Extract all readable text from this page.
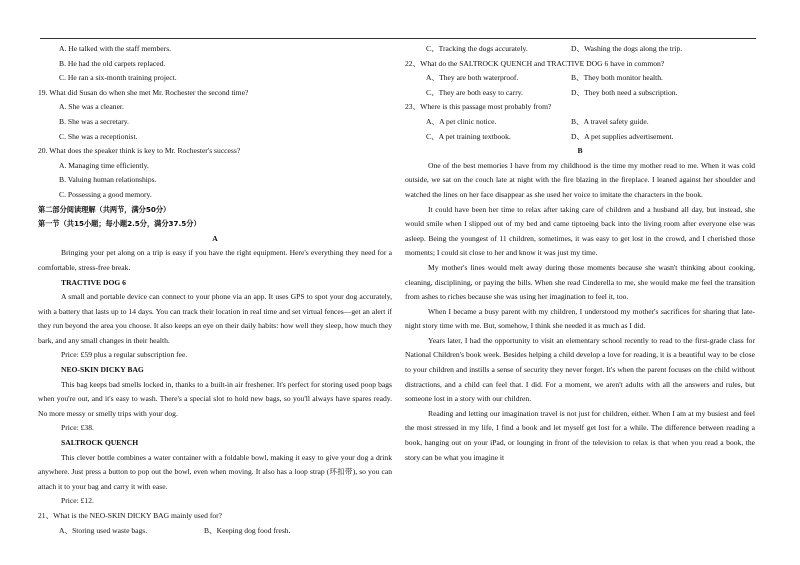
A. He talked with the staff members.
B. He had the old carpets replaced.
C. He ran a six-month training project.
19. What did Susan do when she met Mr. Rochester the second time?
A. She was a cleaner.
B. She was a secretary.
C. She was a receptionist.
20. What does the speaker think is key to Mr. Rochester's success?
A. Managing time efficiently.
B. Valuing human relationships.
C. Possessing a good memory.
第二部分阅读理解（共两节，满分50分）
第一节（共15小题；每小题2.5分，满分37.5分）
A

Bringing your pet along on a trip is easy if you have the right equipment. Here's everything they need for a comfortable, stress-free break.

TRACTIVE DOG 6

A small and portable device can connect to your phone via an app. It uses GPS to spot your dog accurately, with a battery that lasts up to 14 days. You can track their location in real time and set virtual fences—get an alert if they run beyond the area you choose. It also keeps an eye on their daily habits: how well they sleep, how much they bark, and any small changes in their health.

Price: £59 plus a regular subscription fee.
NEO-SKIN DICKY BAG

This bag keeps bad smells locked in, thanks to a built-in air freshener. It's perfect for storing used poop bags when you're out, and it's easy to wash. There's a special slot to hold new bags, so you'll always have spares ready. No more messy or smelly trips with your dog.

Price: £38.
SALTROCK QUENCH

This clever bottle combines a water container with a foldable bowl, making it easy to give your dog a drink anywhere. Just press a button to pop out the bowl, even when moving. It also has a loop strap (环扣带), so you can attach it to your bag and carry it with ease.

Price: £12.
21、What is the NEO-SKIN DICKY BAG mainly used for?
A、Storing used waste bags.	B、Keeping dog food fresh.
C、Tracking the dogs accurately.	D、Washing the dogs along the trip.
22、What do the SALTROCK QUENCH and TRACTIVE DOG 6 have in common?
A、They are both waterproof.	B、They both monitor health.
C、They are both easy to carry.	D、They both need a subscription.
23、Where is this passage most probably from?
A、A pet clinic notice.	B、A travel safety guide.
C、A pet training textbook.	D、A pet supplies advertisement.
B

One of the best memories I have from my childhood is the time my mother read to me. When it was cold outside, we sat on the couch late at night with the fire blazing in the fireplace. I leaned against her shoulder and watched the lines on her face disappear as she used her voice to imitate the characters in the book.

It could have been her time to relax after taking care of children and a husband all day, but instead, she would smile when I slipped out of my bed and came tiptoeing back into the living room after everyone else was asleep. Being the youngest of 11 children, sometimes, it was easy to get lost in the crowd, and I cherished those moments; I could sit close to her and know it was just my time.

My mother's lines would melt away during those moments because she wasn't thinking about cooking, cleaning, disciplining, or paying the bills. When she read Cinderella to me, she would make me feel the transition from ashes to riches because she was using her imagination to feel it, too.

When I became a busy parent with my children, I understood my mother's sacrifices for sharing that late-night story time with me. But, somehow, I think she needed it as much as I did.

Years later, I had the opportunity to visit an elementary school recently to read to the first-grade class for National Children's book week. Besides helping a child develop a love for reading, it is a beautiful way to be close to your children and instills a sense of security they never forget. It's when the parent focuses on the child without distractions, and a child can feel that. I did. For a moment, we aren't adults with all the answers and rules, but someone lost in a story with our children.

Reading and letting our imagination travel is not just for children, either. When I am at my busiest and feel the most stressed in my life, I find a book and let myself get lost for a while. The difference between reading a book, hanging out on your iPad, or lounging in front of the television to relax is that when you read a book, the story can be what you imagine it
